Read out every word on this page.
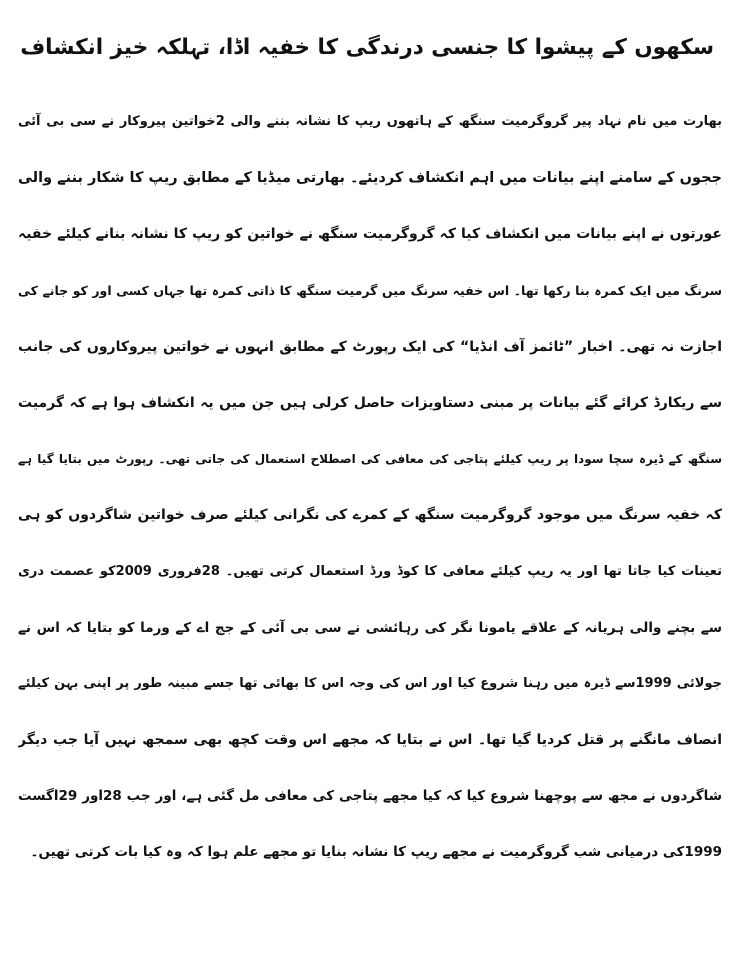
سکھوں کے پیشوا کا جنسی درندگی کا خفیہ اڈا، تہلکہ خیز انکشاف
بھارت میں نام نہاد پیر گروگرمیت سنگھ کے ہاتھوں ریپ کا نشانہ بننے والی 2خواتین پیروکار نے سی بی آئی
ججوں کے سامنے اپنے بیانات میں اہم انکشاف کردیئے۔ بھارتی میڈیا کے مطابق ریپ کا شکار بننے والی
عورتوں نے اپنے بیانات میں انکشاف کیا کہ گروگرمیت سنگھ نے خواتین کو ریپ کا نشانہ بنانے کیلئے خفیہ
سرنگ میں ایک کمرہ بنا رکھا تھا۔ اس خفیہ سرنگ میں گرمیت سنگھ کا ذاتی کمرہ تھا جہاں کسی اور کو جانے کی
اجازت نہ تھی۔ اخبار ”ٹائمز آف انڈیا“ کی ایک رپورٹ کے مطابق انہوں نے خواتین پیروکاروں کی جانب
سے ریکارڈ کرائے گئے بیانات پر مبنی دستاویزات حاصل کرلی ہیں جن میں یہ انکشاف ہوا ہے کہ گرمیت
سنگھ کے ڈیرہ سچا سودا پر ریپ کیلئے پتاجی کی معافی کی اصطلاح استعمال کی جاتی تھی۔ رپورٹ میں بتایا گیا ہے
کہ خفیہ سرنگ میں موجود گروگرمیت سنگھ کے کمرے کی نگرانی کیلئے صرف خواتین شاگردوں کو ہی
تعینات کیا جاتا تھا اور یہ ریپ کیلئے معافی کا کوڈ ورڈ استعمال کرتی تھیں۔ 28فروری 2009کو عصمت دری
سے بچنے والی ہریانہ کے علاقے یامونا نگر کی رہائشی نے سی بی آئی کے جج اے کے ورما کو بتایا کہ اس نے
جولائی 1999سے ڈیرہ میں رہنا شروع کیا اور اس کی وجہ اس کا بھائی تھا جسے مبینہ طور پر اپنی بہن کیلئے
انصاف مانگنے پر قتل کردیا گیا تھا۔ اس نے بتایا کہ مجھے اس وقت کچھ بھی سمجھ نہیں آیا جب دیگر
شاگردوں نے مجھ سے پوچھنا شروع کیا کہ کیا مجھے پتاجی کی معافی مل گئی ہے، اور جب 28اور 29اگست
1999کی درمیانی شب گروگرمیت نے مجھے ریپ کا نشانہ بنایا تو مجھے علم ہوا کہ وہ کیا بات کرتی تھیں۔
